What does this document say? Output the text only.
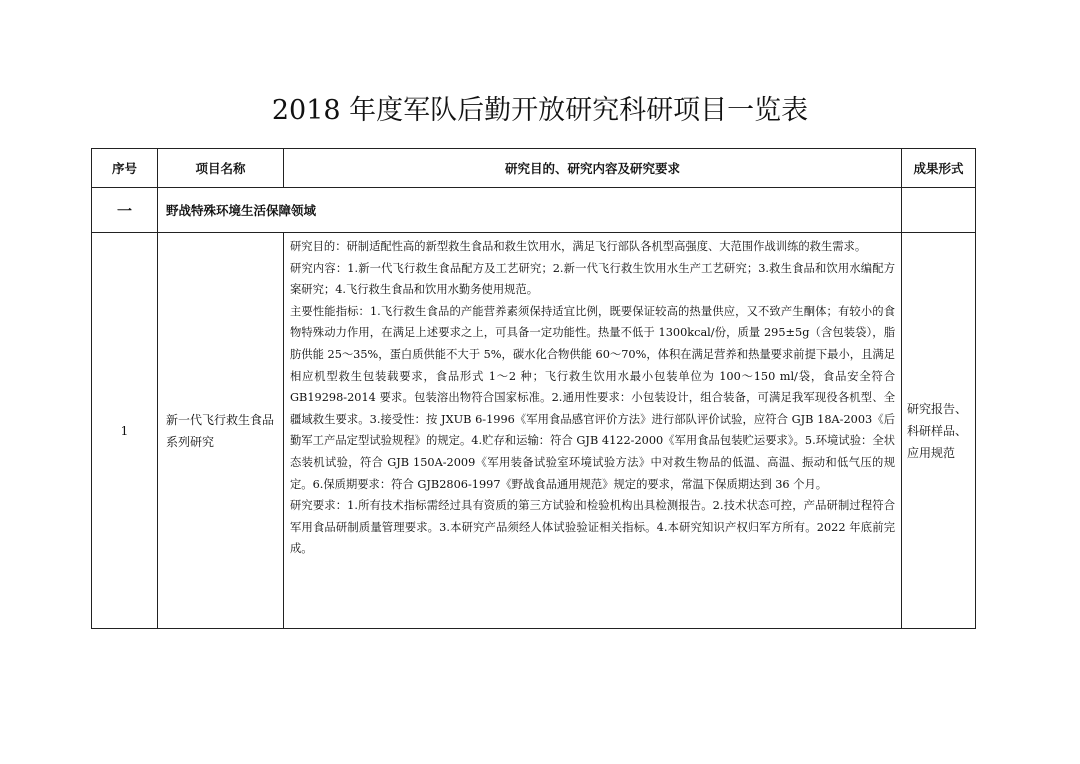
2018 年度军队后勤开放研究科研项目一览表
序号	项目名称	研究目的、研究内容及研究要求	成果形式
一	野战特殊环境生活保障领域		
1	新一代飞行救生食品系列研究	研究目的：研制适配性高的新型救生食品和救生饮用水，满足飞行部队各机型高强度、大范围作战训练的救生需求。

研究内容：1.新一代飞行救生食品配方及工艺研究；2.新一代飞行救生饮用水生产工艺研究；3.救生食品和饮用水编配方案研究；4.飞行救生食品和饮用水勤务使用规范。

主要性能指标：1.飞行救生食品的产能营养素须保持适宜比例，既要保证较高的热量供应，又不致产生酮体；有较小的食物特殊动力作用，在满足上述要求之上，可具备一定功能性。热量不低于 1300kcal/份，质量 295±5g（含包装袋），脂肪供能 25～35%，蛋白质供能不大于 5%，碳水化合物供能 60～70%，体积在满足营养和热量要求前提下最小，且满足相应机型救生包装载要求，食品形式 1～2 种；飞行救生饮用水最小包装单位为 100～150 ml/袋，食品安全符合 GB19298-2014 要求。包装溶出物符合国家标准。2.通用性要求：小包装设计，组合装备，可满足我军现役各机型、全疆域救生要求。3.接受性：按 JXUB 6-1996《军用食品感官评价方法》进行部队评价试验，应符合 GJB 18A-2003《后勤军工产品定型试验规程》的规定。4.贮存和运输：符合 GJB 4122-2000《军用食品包装贮运要求》。5.环境试验：全状态装机试验，符合 GJB 150A-2009《军用装备试验室环境试验方法》中对救生物品的低温、高温、振动和低气压的规定。6.保质期要求：符合 GJB2806-1997《野战食品通用规范》规定的要求，常温下保质期达到 36 个月。

研究要求：1.所有技术指标需经过具有资质的第三方试验和检验机构出具检测报告。2.技术状态可控，产品研制过程符合军用食品研制质量管理要求。3.本研究产品须经人体试验验证相关指标。4.本研究知识产权归军方所有。2022 年底前完成。	研究报告、科研样品、应用规范
